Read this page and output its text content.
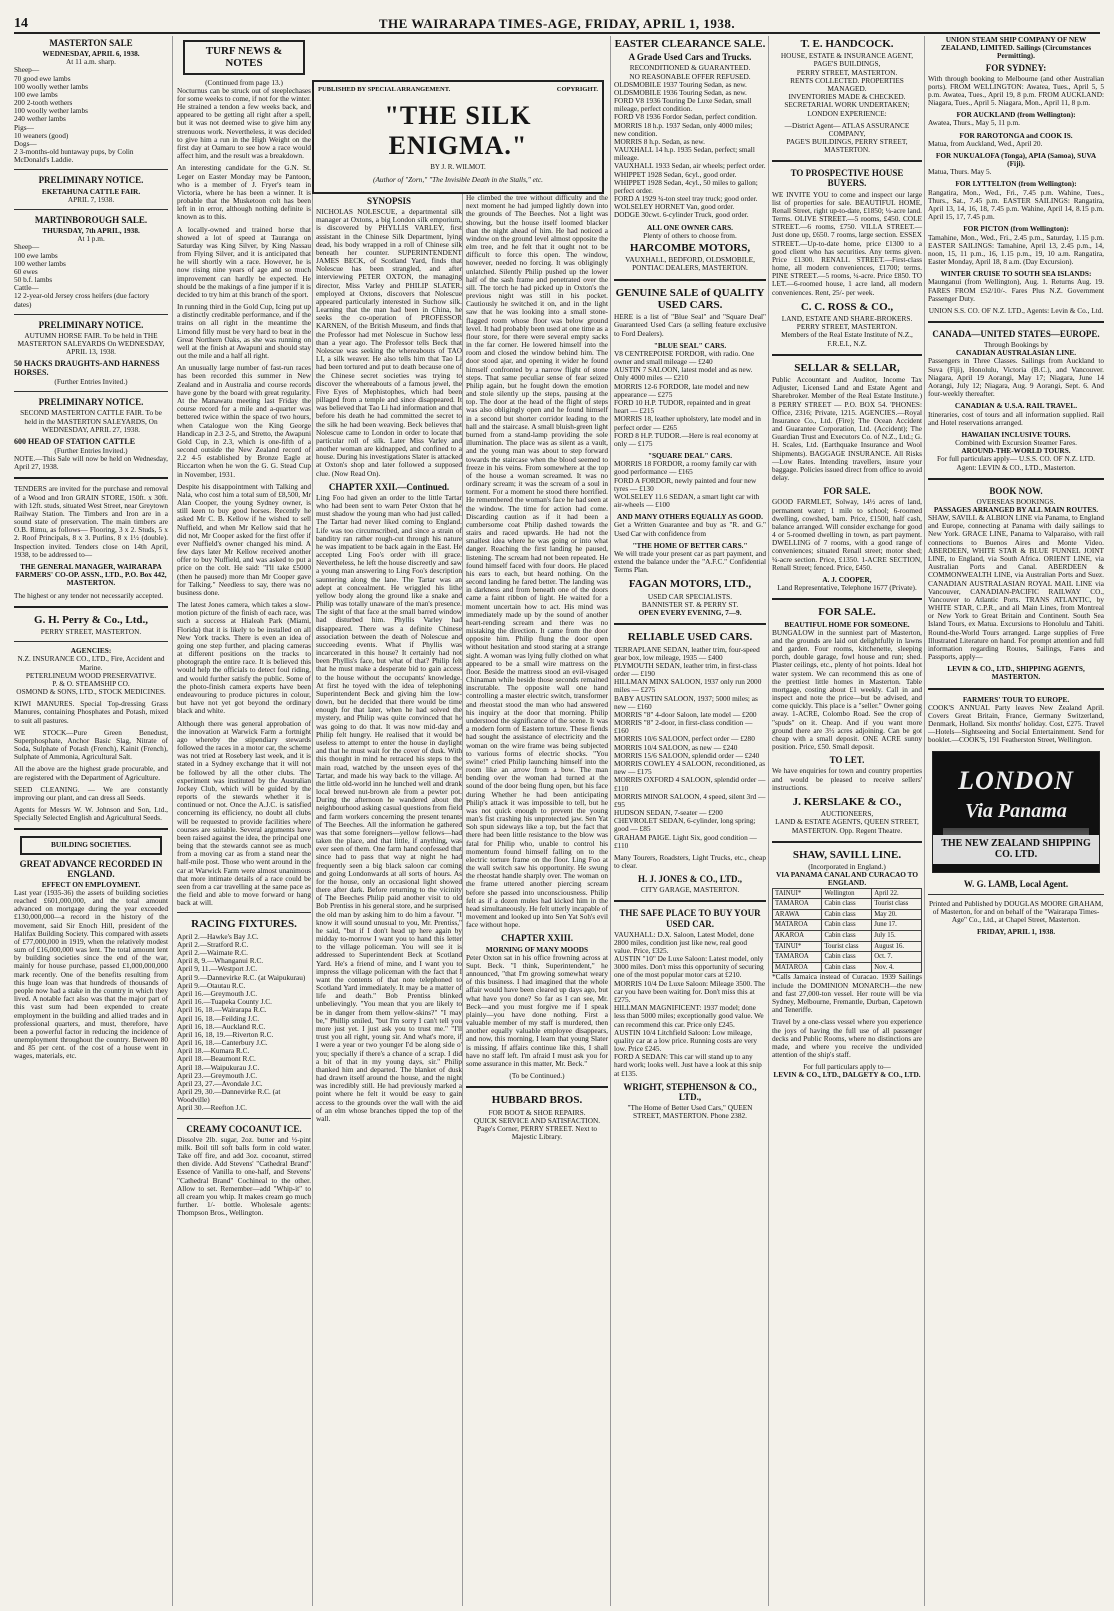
14	THE WAIRARAPA TIMES-AGE, FRIDAY, APRIL 1, 1938.
MASTERTON SALE
WEDNESDAY, APRIL 6, 1938.
At 11 a.m. sharp.
Sheep—
70 good ewe lambs
100 woolly wether lambs
100 ewe lambs
200 2-tooth wethers
100 woolly wether lambs
240 wether lambs
Pigs—
10 weaners (good)
Dogs—
2 3-months-old huntaway pups, by Colin McDonald's Laddie.
PRELIMINARY NOTICE.
EKETAHUNA CATTLE FAIR.
APRIL 7, 1938.
MARTINBOROUGH SALE.
THURSDAY, 7th APRIL, 1938.
At 1 p.m.
Sheep—
100 ewe lambs
100 wether lambs
60 ewes
50 b.f. lambs
Cattle—
12 2-year-old Jersey cross heifers (due factory dates)
PRELIMINARY NOTICE.

AUTUMN HORSE FAIR. To be held in THE MASTERTON SALEYARDS On WEDNESDAY, APRIL 13, 1938.

50 HACKS DRAUGHTS-AND HARNESS HORSES.
(Further Entries Invited.)
PRELIMINARY NOTICE.

SECOND MASTERTON CATTLE FAIR. To be held in the MASTERTON SALEYARDS, On WEDNESDAY, APRIL 27, 1938.

600 HEAD OF STATION CATTLE
(Further Entries Invited.)

NOTE.—This Sale will now be held on Wednesday, April 27, 1938.

TENDERS are invited for the purchase and removal of a Wood and Iron GRAIN STORE, 150ft. x 30ft. with 12ft. studs, situated West Street, near Greytown Railway Station. The Timbers and Iron are in a sound state of preservation. The main timbers are O.B. Rimu, as follows— Flooring, 3 x 2. Studs, 5 x 2. Roof Principals, 8 x 3. Purlins, 8 x 1½ (double). Inspection invited. Tenders close on 14th April, 1938, to be addressed to—

THE GENERAL MANAGER, WAIRARAPA FARMERS' CO-OP. ASSN., LTD., P.O. Box 442, MASTERTON.

The highest or any tender not necessarily accepted.

G. H. Perry & Co., Ltd.,
PERRY STREET, MASTERTON.
AGENCIES:
N.Z. INSURANCE CO., LTD., Fire, Accident and Marine.
PETERLINEUM WOOD PRESERVATIVE.
P. & O. STEAMSHIP CO.
OSMOND & SONS, LTD., STOCK MEDICINES.

KIWI MANURES. Special Top-dressing Grass Manures, containing Phosphates and Potash, mixed to suit all pastures.

WE STOCK—Pure Green Benedust, Superphosphate, Anchor Basic Slag, Nitrate of Soda, Sulphate of Potash (French), Kainit (French), Sulphate of Ammonia, Agricultural Salt.

All the above are the highest grade procurable, and are registered with the Department of Agriculture.

SEED CLEANING. — We are constantly improving our plant, and can dress all Seeds.

Agents for Messrs W. W. Johnson and Son, Ltd., Specially Selected English and Agricultural Seeds.

BUILDING SOCIETIES.
GREAT ADVANCE RECORDED IN ENGLAND.
EFFECT ON EMPLOYMENT.

Last year (1935-36) the assets of building societies reached £601,000,000, and the total amount advanced on mortgage during the year exceeded £130,000,000—a record in the history of the movement, said Sir Enoch Hill, president of the Halifax Building Society. This compared with assets of £77,000,000 in 1919, when the relatively modest sum of £16,000,000 was lent. The total amount lent by building societies since the end of the war, mainly for house purchase, passed £1,000,000,000 mark recently. One of the benefits resulting from this huge loan was that hundreds of thousands of people now had a stake in the country in which they lived. A notable fact also was that the major part of this vast sum had been expended to create employment in the building and allied trades and in professional quarters, and must, therefore, have been a powerful factor in reducing the incidence of unemployment throughout the country. Between 80 and 85 per cent. of the cost of a house went in wages, materials, etc.

TURF NEWS & NOTES
(Continued from page 13.)

Nocturnus can be struck out of steeplechases for some weeks to come, if not for the winter. He strained a tendon a few weeks back, and appeared to be getting all right after a spell, but it was not deemed wise to give him any strenuous work. Nevertheless, it was decided to give him a run in the High Weight on the first day at Oamaru to see how a race would affect him, and the result was a breakdown.

An interesting candidate for the G.N. St. Leger on Easter Monday may be Pantoon, who is a member of J. Fryer's team in Victoria, where he has been a winner. It is probable that the Musketoon colt has been left in in error, although nothing definite is known as to this.

A locally-owned and trained horse that showed a lot of speed at Tauranga on Saturday was King Silver, by King Nassau from Flying Silver, and it is anticipated that he will shortly win a race. However, he is now rising nine years of age and so much improvement can hardly be expected. He should be the makings of a fine jumper if it is decided to try him at this branch of the sport.

In running third in the Gold Cup, Icing put up a distinctly creditable performance, and if the trains on all right in the meantime the Limond filly must be very hard to beat in the Great Northern Oaks, as she was running on well at the finish at Awapuni and should stay out the mile and a half all right.

An unusually large number of fast-run races has been recorded this summer in New Zealand and in Australia and course records have gone by the board with great regularity. At the Manawatu meeting last Friday the course record for a mile and a-quarter was bettered twice within the space of two hours, when Catalogue won the King George Handicap in 2.3 2-5, and Stretto, the Awapuni Gold Cup, in 2.3, which is one-fifth of a second outside the New Zealand record of 2.2 4-5 established by Bronze Eagle at Riccarton when he won the G. G. Stead Cup in November, 1931.

Despite his disappointment with Talking and Nala, who cost him a total sum of £8,500, Mr Alan Cooper, the young Sydney owner, is still keen to buy good horses. Recently he asked Mr C. B. Kellow if he wished to sell Nuffield, and when Mr Kellow said that he did not, Mr Cooper asked for the first offer if ever Nuffield's owner changed his mind. A few days later Mr Kellow received another offer to buy Nuffield, and was asked to put a price on the colt. He said: "I'll take £5000 (then he paused) more than Mr Cooper gave for Talking." Needless to say, there was no business done.

The latest Jones camera, which takes a slow-motion picture of the finish of each race, was such a success at Hialeah Park (Miami, Florida) that it is likely to be installed on all New York tracks. There is even an idea of going one step further, and placing cameras at different positions on the tracks to photograph the entire race. It is believed this would help the officials to detect foul riding, and would further satisfy the public. Some of the photo-finish camera experts have been endeavouring to produce pictures in colour, but have not yet got beyond the ordinary black and white.

Although there was general approbation of the innovation at Warwick Farm a fortnight ago whereby the stipendiary stewards followed the races in a motor car, the scheme was not tried at Rosebery last week, and it is stated in a Sydney exchange that it will not be followed by all the other clubs. The experiment was instituted by the Australian Jockey Club, which will be guided by the reports of the stewards whether it is continued or not. Once the A.J.C. is satisfied concerning its efficiency, no doubt all clubs will be requested to provide facilities where courses are suitable. Several arguments have been raised against the idea, the principal one being that the stewards cannot see as much from a moving car as from a stand near the half-mile post. Those who went around in the car at Warwick Farm were almost unanimous that more intimate details of a race could be seen from a car travelling at the same pace as the field and able to move forward or hang back at will.

RACING FIXTURES.
April 2.—Hawke's Bay J.C.
April 2.—Stratford R.C.
April 2.—Waimate R.C.
April 8, 9.—Whanganui R.C.
April 9, 11.—Westport J.C.
April 9.—Dannevirke R.C. (at Waipukurau)
April 9.—Otautau R.C.
April 16.—Greymouth J.C.
April 16.—Tuapeka County J.C.
April 16, 18.—Wairarapa R.C.
April 16, 18.—Feilding J.C.
April 16, 18.—Auckland R.C.
April 16, 18, 19.—Riverton R.C.
April 16, 18.—Canterbury J.C.
April 18.—Kumara R.C.
April 18.—Beaumont R.C.
April 18.—Waipukurau J.C.
April 23.—Greymouth J.C.
April 23, 27.—Avondale J.C.
April 29, 30.—Dannevirke R.C. (at Woodville)
April 30.—Reefton J.C.
CREAMY COCOANUT ICE.

Dissolve 2lb. sugar, 2oz. butter and ½-pint milk. Boil till soft balls form in cold water. Take off fire, and add 3oz. cocoanut, stirred then divide. Add Stevens' "Cathedral Brand" Essence of Vanilla to one-half, and Stevens' "Cathedral Brand" Cochineal to the other. Allow to set. Remember—add "Whip-it" to all cream you whip. It makes cream go much further. 1/- bottle. Wholesale agents: Thompson Bros., Wellington.

PUBLISHED BY SPECIAL ARRANGEMENT.	COPYRIGHT.
"THE SILK ENIGMA."
BY J. R. WILMOT.
(Author of "Zorn," "The Invisible Death in the Stalls," etc.
SYNOPSIS

NICHOLAS NOLESCUE, a departmental silk manager at Oxtons, a big London silk emporium, is discovered by PHYLLIS VARLEY, first assistant in the Chinese Silk Department, lying dead, his body wrapped in a roll of Chinese silk beneath her counter. SUPERINTENDENT JAMES BECK, of Scotland Yard, finds that Nolescue has been strangled, and after interviewing PETER OXTON, the managing director, Miss Varley and PHILIP SLATER, employed at Oxtons, discovers that Nolescue appeared particularly interested in Suchow silk. Learning that the man had been in China, he seeks the co-operation of PROFESSOR KARNEN, of the British Museum, and finds that the Professor had met Nolescue in Suchow less than a year ago. The Professor tells Beck that Nolescue was seeking the whereabouts of TAO LI, a silk weaver. He also tells him that Tao Li had been tortured and put to death because one of the Chinese secret societies was trying to discover the whereabouts of a famous jewel, the Five Eyes of Mephistophes, which had been pillaged from a temple and since disappeared. It was believed that Tao Li had information and that before his death he had committed the secret to the silk he had been weaving. Beck believes that Nolescue came to London in order to locate that particular roll of silk. Later Miss Varley and another woman are kidnapped, and confined to a house. During his investigations Slater is attacked at Oxton's shop and later followed a supposed clue. (Now Read On).

CHAPTER XXII.—Continued.

Ling Foo had given an order to the little Tartar who had been sent to warn Peter Oxton that he must shadow the young man who had just called. The Tartar had never liked coming to England. Life was too circumscribed, and since a strain of banditry ran rather rough-cut through his nature he was impatient to be back again in the East. He accepted Ling Foo's order with ill grace. Nevertheless, he left the house discreetly and saw a young man answering to Ling Foo's description sauntering along the lane. The Tartar was an adept at concealment. He wriggled his lithe yellow body along the ground like a snake and Philip was totally unaware of the man's presence. The sight of that face at the small barred window had disturbed him. Phyllis Varley had disappeared. There was a definite Chinese association between the death of Nolescue and succeeding events. What if Phyllis was incarcerated in this house? It certainly had not been Phyllis's face, but what of that? Philip felt that he must make a desperate bid to gain access to the house without the occupants' knowledge. At first he toyed with the idea of telephoning Superintendent Beck and giving him the low-down, but he decided that there would be time enough for that later, when he had solved the mystery, and Philip was quite convinced that he was going to do that. It was now mid-day and Philip felt hungry. He realised that it would be useless to attempt to enter the house in daylight and that he must wait for the cover of dusk. With this thought in mind he retraced his steps to the main road, watched by the unseen eyes of the Tartar, and made his way back to the village. At the little old-world inn he lunched well and drank local brewed nut-brown ale from a pewter pot. During the afternoon he wandered about the neighbourhood asking casual questions from field and farm workers concerning the present tenants of The Beeches. All the information he gathered was that some foreigners—yellow fellows—had taken the place, and that little, if anything, was ever seen of them. One farm hand confessed that since had to pass that way at night he had frequently seen a big black saloon car coming and going Londonwards at all sorts of hours. As for the house, only an occasional light showed there after dark. Before returning to the vicinity of The Beeches Philip paid another visit to old Bob Prentiss in his general store, and he surprised the old man by asking him to do him a favour. "I know it will sound unusual to you, Mr. Prentiss," he said, "but if I don't head up here again by midday to-morrow I want you to hand this letter to the village policeman. You will see it is addressed to Superintendent Beck at Scotland Yard. He's a friend of mine, and I want you to impress the village policeman with the fact that I want the contents of that note telephoned to Scotland Yard immediately. It may be a matter of life and death." Bob Prentiss blinked unbelievingly. "You mean that you are likely to be in danger from them yellow-skins?" "I may be," Phillip smiled, "but I'm sorry I can't tell you more just yet. I just ask you to trust me." "I'll trust you all right, young sir. And what's more, if I were a year or two younger I'd be along side o' you; specially if there's a chance of a scrap. I did a bit of that in my young days, sir." Philip thanked him and departed. The blanket of dusk had drawn itself around the house, and the night was incredibly still. He had previously marked a point where he felt it would be easy to gain access to the grounds over the wall with the aid of an elm whose branches tipped the top of the wall.

He climbed the tree without difficulty and the next moment he had jumped lightly down into the grounds of The Beeches. Not a light was showing, but the house itself loomed blacker than the night ahead of him. He had noticed a window on the ground level almost opposite the elm tree, and he felt that it ought not to be difficult to force this open. The window, however, needed no forcing. It was obligingly unlatched. Silently Philip pushed up the lower half of the sash frame and penetrated over the sill. The torch he had picked up in Oxton's the previous night was still in his pocket. Cautiously he switched it on, and in the light saw that he was looking into a small stone-flagged room whose floor was below ground level. It had probably been used at one time as a flour store, for there were several empty sacks in the far corner. He lowered himself into the room and closed the window behind him. The door stood ajar, and opening it wider he found himself confronted by a narrow flight of stone steps. That same peculiar sense of fear seized Philip again, but he fought down the emotion and stole silently up the steps, pausing at the top. The door at the head of the flight of steps was also obligingly open and he found himself in a second but shorter corridor leading to the hall and the staircase. A small bluish-green light burned from a stand-lamp providing the sole illumination. The place was as silent as a vault, and the young man was about to step forward towards the staircase when the blood seemed to freeze in his veins. From somewhere at the top of the house a woman screamed. It was no ordinary scream; it was the scream of a soul in torment. For a moment he stood there horrified. He remembered the woman's face he had seen at the window. The time for action had come. Discarding caution as if it had been a cumbersome coat Philip dashed towards the stairs and raced upwards. He had not the smallest idea where he was going or into what danger. Reaching the first landing he paused, listening. The scream had not been repeated. He found himself faced with four doors. He placed his ears to each, but heard nothing. On the second landing he fared better. The landing was in darkness and from beneath one of the doors came a faint ribbon of light. He waited for a moment uncertain how to act. His mind was immediately made up by the sound of another heart-rending scream and there was no mistaking the direction. It came from the door opposite him. Philip flung the door open without hesitation and stood staring at a strange sight. A woman was lying fully clothed on what appeared to be a small wire mattress on the floor. Beside the mattress stood an evil-visaged Chinaman while beside those seconds remained inscrutable. The opposite wall one hand controlling a master electric switch, transformer and rheostat stood the man who had answered his inquiry at the door that morning. Philip understood the significance of the scene. It was a modern form of Eastern torture. These fiends had sought the assistance of electricity and the woman on the wire frame was being subjected to various forms of electric shocks. "You swine!" cried Philip launching himself into the room like an arrow from a bow. The man bending over the woman had turned at the sound of the door being flung open, but his face during Whether he had been anticipating Philip's attack it was impossible to tell, but he was not quick enough to prevent the young man's fist crashing his unprotected jaw. Sen Yat Soh spun sideways like a top, but the fact that there had been little resistance to the blow was fatal for Philip who, unable to control his momentum found himself falling on to the electric torture frame on the floor. Ling Foo at the wall switch saw his opportunity. He swung the rheostat handle sharply over. The woman on the frame uttered another piercing scream before she passed into unconsciousness. Philip felt as if a dozen mules had kicked him in the head simultaneously. He felt utterly incapable of movement and looked up into Sen Yat Soh's evil face without hope.

CHAPTER XXIII.
MORNING OF MANY MOODS

Peter Oxton sat in his office frowning across at Supt. Beck. "I think, Superintendent," he announced, "that I'm growing somewhat weary of this business. I had imagined that the whole affair would have been cleared up days ago, but what have you done? So far as I can see, Mr. Beck—and you must forgive me if I speak plainly—you have done nothing. First a valuable member of my staff is murdered, then another equally valuable employee disappears, and now, this morning, I learn that young Slater is missing. If affairs continue like this, I shall have no staff left. I'm afraid I must ask you for some assurance in this matter, Mr. Beck."

(To be Continued.)
HUBBARD BROS.
FOR BOOT & SHOE REPAIRS.
QUICK SERVICE AND SATISFACTION.
Page's Corner, PERRY STREET. Next to Majestic Library.
EASTER CLEARANCE SALE.
A Grade Used Cars and Trucks.
RECONDITIONED & GUARANTEED.
NO REASONABLE OFFER REFUSED.
OLDSMOBILE 1937 Touring Sedan, as new.
OLDSMOBILE 1936 Touring Sedan, as new.
FORD V8 1936 Touring De Luxe Sedan, small mileage, perfect condition.
FORD V8 1936 Fordor Sedan, perfect condition.
MORRIS 18 h.p. 1937 Sedan, only 4000 miles; new condition.
MORRIS 8 h.p. Sedan, as new.
VAUXHALL 14 h.p. 1935 Sedan, perfect; small mileage.
VAUXHALL 1933 Sedan, air wheels; perfect order.
WHIPPET 1928 Sedan, 6cyl., good order.
WHIPPET 1928 Sedan, 4cyl., 50 miles to gallon; perfect order.
FORD A 1929 ¾-ton steel tray truck; good order.
WOLSELEY HORNET Van, good order.
DODGE 30cwt. 6-cylinder Truck, good order.
ALL ONE OWNER CARS.
Plenty of others to choose from.
HARCOMBE MOTORS,
VAUXHALL, BEDFORD, OLDSMOBILE, PONTIAC DEALERS, MASTERTON.
GENUINE SALE of QUALITY USED CARS.

HERE is a list of "Blue Seal" and "Square Deal" Guaranteed Used Cars (a selling feature exclusive to Ford Dealers).

"BLUE SEAL" CARS.
V8 CENTREPOISE FORDOR, with radio. One owner and small mileage — £240
AUSTIN 7 SALOON, latest model and as new. Only 4000 miles — £210
MORRIS 12-6 FORDOR, late model and new appearance — £275
FORD 10 H.P. TUDOR, repainted and in great heart — £215
MORRIS 18, leather upholstery, late model and in perfect order — £265
FORD 8 H.P. TUDOR.—Here is real economy at only — £175
"SQUARE DEAL" CARS.
MORRIS 18 FORDOR, a roomy family car with good performance — £165
FORD A FORDOR, newly painted and four new tyres — £130
WOLSELEY 11.6 SEDAN, a smart light car with air-wheels — £100
AND MANY OTHERS EQUALLY AS GOOD.

Get a Written Guarantee and buy as "R. and G." Used Car with confidence from

"THE HOME OF BETTER CARS."

We will trade your present car as part payment, and extend the balance under the "A.F.C." Confidential Terms Plan.

FAGAN MOTORS, LTD.,
USED CAR SPECIALISTS.
BANNISTER ST. & PERRY ST.
OPEN EVERY EVENING, 7—9.
RELIABLE USED CARS.
TERRAPLANE SEDAN, leather trim, four-speed gear box, low mileage, 1935 — £400
PLYMOUTH SEDAN, leather trim, in first-class order — £190
HILLMAN MINX SALOON, 1937 only run 2000 miles — £275
BABY AUSTIN SALOON, 1937; 5000 miles; as new — £160
MORRIS "8" 4-door Saloon, late model — £200
MORRIS "8" 2-door, in first-class condition — £160
MORRIS 10/6 SALOON, perfect order — £280
MORRIS 10/4 SALOON, as new — £240
MORRIS 15/6 SALOON, splendid order — £240
MORRIS COWLEY 4 SALOON, reconditioned, as new — £175
MORRIS OXFORD 4 SALOON, splendid order — £110
MORRIS MINOR SALOON, 4 speed, silent 3rd — £95
HUDSON SEDAN, 7-seater — £200
CHEVROLET SEDAN, 6-cylinder, long spring; good — £85
GRAHAM PAIGE. Light Six, good condition — £110

Many Tourers, Roadsters, Light Trucks, etc., cheap to clear.

H. J. JONES & CO., LTD.,
CITY GARAGE, MASTERTON.
THE SAFE PLACE TO BUY YOUR USED CAR.
VAUXHALL: D.X. Saloon, Latest Model, done 2800 miles, condition just like new, real good value. Price, £325.
AUSTIN "10" De Luxe Saloon: Latest model, only 3000 miles. Don't miss this opportunity of securing one of the most popular motor cars at £210.
MORRIS 10/4 De Luxe Saloon: Mileage 3500. The car you have been waiting for. Don't miss this at £275.
HILLMAN MAGNIFICENT: 1937 model; done less than 5000 miles; exceptionally good value. We can recommend this car. Price only £245.
AUSTIN 10/4 Litchfield Saloon: Low mileage, quality car at a low price. Running costs are very low. Price £245.
FORD A SEDAN: This car will stand up to any hard work; looks well. Just have a look at this snip at £135.
WRIGHT, STEPHENSON & CO., LTD.,
"The Home of Better Used Cars," QUEEN STREET, MASTERTON. Phone 2382.
T. E. HANDCOCK.
HOUSE, ESTATE & INSURANCE AGENT,
PAGE'S BUILDINGS,
PERRY STREET, MASTERTON.
RENTS COLLECTED. PROPERTIES MANAGED.
INVENTORIES MADE & CHECKED.
SECRETARIAL WORK UNDERTAKEN;
LONDON EXPERIENCE:
—District Agent— ATLAS ASSURANCE COMPANY,
PAGE'S BUILDINGS, PERRY STREET, MASTERTON.
TO PROSPECTIVE HOUSE BUYERS.

WE INVITE YOU to come and inspect our large list of properties for sale. BEAUTIFUL HOME, Renall Street, right up-to-date, £1850; ¼-acre land. Terms. OLIVE STREET.—5 rooms, £450. COLE STREET.—6 rooms, £750. VILLA STREET.—Just done up, £650. 7 rooms, large section. ESSEX STREET.—Up-to-date home, price £1300 to a good client who has securities. Any terms given. Price £1300. RENALL STREET.—First-class home, all modern conveniences, £1700; terms. PINE STREET.—5 rooms, ¼-acre. Price £850. TO LET.—6-roomed house, 1 acre land, all modern conveniences. Rent, 25/- per week.

C. C. ROSS & CO.,
LAND, ESTATE AND SHARE-BROKERS.
PERRY STREET, MASTERTON.
Members of the Real Estate Institute of N.Z., F.R.E.I., N.Z.
SELLAR & SELLAR,

Public Accountant and Auditor, Income Tax Adjuster, Licensed Land and Estate Agent and Sharebroker. Member of the Real Estate Institute.) 8 PERRY STREET — P.O. BOX 54. 'PHONES: Office, 2316; Private, 1215. AGENCIES.—Royal Insurance Co., Ltd. (Fire); The Ocean Accident and Guarantee Corporation, Ltd. (Accident); The Guardian Trust and Executors Co. of N.Z., Ltd.; G. H. Scales, Ltd. (Earthquake Insurance and Wool Shipments). BAGGAGE INSURANCE. All Risks—Low Rates. Intending travellers, insure your baggage. Policies issued direct from office to avoid delay.

FOR SALE.

GOOD FARMLET, Solway, 14½ acres of land, permanent water; 1 mile to school; 6-roomed dwelling, cowshed, barn. Price, £1500, half cash, balance arranged. Will consider exchange for good 4 or 5-roomed dwelling in town, as part payment. DWELLING of 7 rooms, with a good range of conveniences; situated Renall street; motor shed; ¼-acre section. Price, £1350. 1-ACRE SECTION, Renall Street; fenced. Price, £450.

A. J. COOPER,
Land Representative, Telephone 1677 (Private).
FOR SALE.
BEAUTIFUL HOME FOR SOMEONE.

BUNGALOW in the sunniest part of Masterton, and the grounds are laid out delightfully in lawns and garden. Four rooms, kitchenette, sleeping porch, double garage, fowl house and run; shed. Plaster ceilings, etc., plenty of hot points. Ideal hot water system. We can recommend this as one of the prettiest little homes in Masterton. Table mortgage, costing about £1 weekly. Call in and inspect and note the price—but be advised, and come quickly. This place is a "seller." Owner going away. 1-ACRE, Colombo Road. See the crop of "spuds" on it. Cheap. And if you want more ground there are 3½ acres adjoining. Can be got cheap with a small deposit. ONE ACRE sunny position. Price, £50. Small deposit.

TO LET.

We have enquiries for town and country properties and would be pleased to receive sellers' instructions.

J. KERSLAKE & CO.,
AUCTIONEERS,
LAND & ESTATE AGENTS, QUEEN STREET, MASTERTON. Opp. Regent Theatre.
SHAW, SAVILL LINE.
(Incorporated in England.)
VIA PANAMA CANAL AND CURACAO TO ENGLAND.
TAINUI*	Wellington	April 22.
TAMAROA	Cabin class	Tourist class
ARAWA	Cabin class	May 20.
MATAROA	Cabin class	June 17.
AKAROA	Cabin class	July 15.
TAINUI*	Tourist class	August 16.
TAMAROA	Cabin class	Oct. 7.
MATAROA	Cabin class	Nov. 4.

*Calls Jamaica instead of Curacao. 1939 Sailings include the DOMINION MONARCH—the new and fast 27,000-ton vessel. Her route will be via Sydney, Melbourne, Fremantle, Durban, Capetown and Teneriffe.

Travel by a one-class vessel where you experience the joys of having the full use of all passenger decks and Public Rooms, where no distinctions are made, and where you receive the undivided attention of the ship's staff.

For full particulars apply to—
LEVIN & CO., LTD., DALGETY & CO., LTD.
UNION STEAM SHIP COMPANY OF NEW ZEALAND, LIMITED. Sailings (Circumstances Permitting).
FOR SYDNEY:

With through booking to Melbourne (and other Australian ports). FROM WELLINGTON: Awatea, Tues., April 5, 5 p.m. Awatea, Tues., April 19, 8 p.m. FROM AUCKLAND: Niagara, Tues., April 5. Niagara, Mon., April 11, 8 p.m.

FOR AUCKLAND (from Wellington):

Awatea, Thurs., May 5, 11 p.m.

FOR RAROTONGA and COOK IS.

Matua, from Auckland, Wed., April 20.

FOR NUKUALOFA (Tonga), APIA (Samoa), SUVA (Fiji).

Matua, Thurs. May 5.

FOR LYTTELTON (from Wellington):

Rangatira, Mon., Wed., Fri., 7.45 p.m. Wahine, Tues., Thurs., Sat., 7.45 p.m. EASTER SAILINGS: Rangatira, April 13, 14, 16, 18, 7.45 p.m. Wahine, April 14, 8.15 p.m. April 15, 17, 7.45 p.m.

FOR PICTON (from Wellington):

Tamahine, Mon., Wed., Fri., 2.45 p.m., Saturday, 1.15 p.m. EASTER SAILINGS: Tamahine, April 13, 2.45 p.m., 14, noon, 15, 11 p.m., 16, 1.15 p.m., 19, 10 a.m. Rangatira, Easter Monday, April 18, 8 a.m. (Day Excursion).

WINTER CRUISE TO SOUTH SEA ISLANDS:

Maunganui (from Wellington), Aug. 1. Returns Aug. 19. FARES FROM £52/10/-. Fares Plus N.Z. Government Passenger Duty.

UNION S.S. CO. OF N.Z. LTD., Agents: Levin & Co., Ltd.
CANADA—UNITED STATES—EUROPE.
Through Bookings by
CANADIAN AUSTRALASIAN LINE.

Passengers in Three Classes. Sailings from Auckland to Suva (Fiji), Honolulu, Victoria (B.C.), and Vancouver. Niagara, April 19 Aorangi, May 17; Niagara, June 14 Aorangi, July 12; Niagara, Aug. 9 Aorangi, Sept. 6. And four-weekly thereafter.

CANADIAN & U.S.A. RAIL TRAVEL.

Itineraries, cost of tours and all information supplied. Rail and Hotel reservations arranged.

HAWAIIAN INCLUSIVE TOURS.
Combined with Excursion Steamer Fares.
AROUND-THE-WORLD TOURS.
For full particulars apply— U.S.S. CO. OF N.Z. LTD. Agent: LEVIN & CO., LTD., Masterton.
BOOK NOW.
OVERSEAS BOOKINGS.
PASSAGES ARRANGED BY ALL MAIN ROUTES.

SHAW, SAVILL & ALBION LINE via Panama, to England and Europe, connecting at Panama with daily sailings to New York. GRACE LINE, Panama to Valparaiso, with rail connections to Buenos Aires and Monte Video. ABERDEEN, WHITE STAR & BLUE FUNNEL JOINT LINE, to England, via South Africa. ORIENT LINE, via Australian Ports and Canal. ABERDEEN & COMMONWEALTH LINE, via Australian Ports and Suez. CANADIAN AUSTRALASIAN ROYAL MAIL LINE via Vancouver, CANADIAN-PACIFIC RAILWAY CO., Vancouver to Atlantic Ports. TRANS ATLANTIC, by WHITE STAR, C.P.R., and all Main Lines, from Montreal or New York to Great Britain and Continent. South Sea Island Tours, ex Matua. Excursions to Honolulu and Tahiti. Round-the-World Tours arranged. Large supplies of Free Illustrated Literature on hand. For prompt attention and full information regarding Routes, Sailings, Fares and Passports, apply—

LEVIN & CO., LTD., SHIPPING AGENTS, MASTERTON.
FARMERS' TOUR TO EUROPE.

COOK'S ANNUAL Party leaves New Zealand April. Covers Great Britain, France, Germany Switzerland, Denmark, Holland. Six months' holiday. Cost, £275. Travel—Hotels—Sightseeing and Social Entertainment. Send for booklet.—COOK'S, 191 Featherston Street, Wellington.

LONDON
Via Panama
THE NEW ZEALAND SHIPPING CO. LTD.
W. G. LAMB, Local Agent.

Printed and Published by DOUGLAS MOORE GRAHAM, of Masterton, for and on behalf of the "Wairarapa Times-Age" Co., Ltd., at Chapel Street, Masterton.

FRIDAY, APRIL 1, 1938.
